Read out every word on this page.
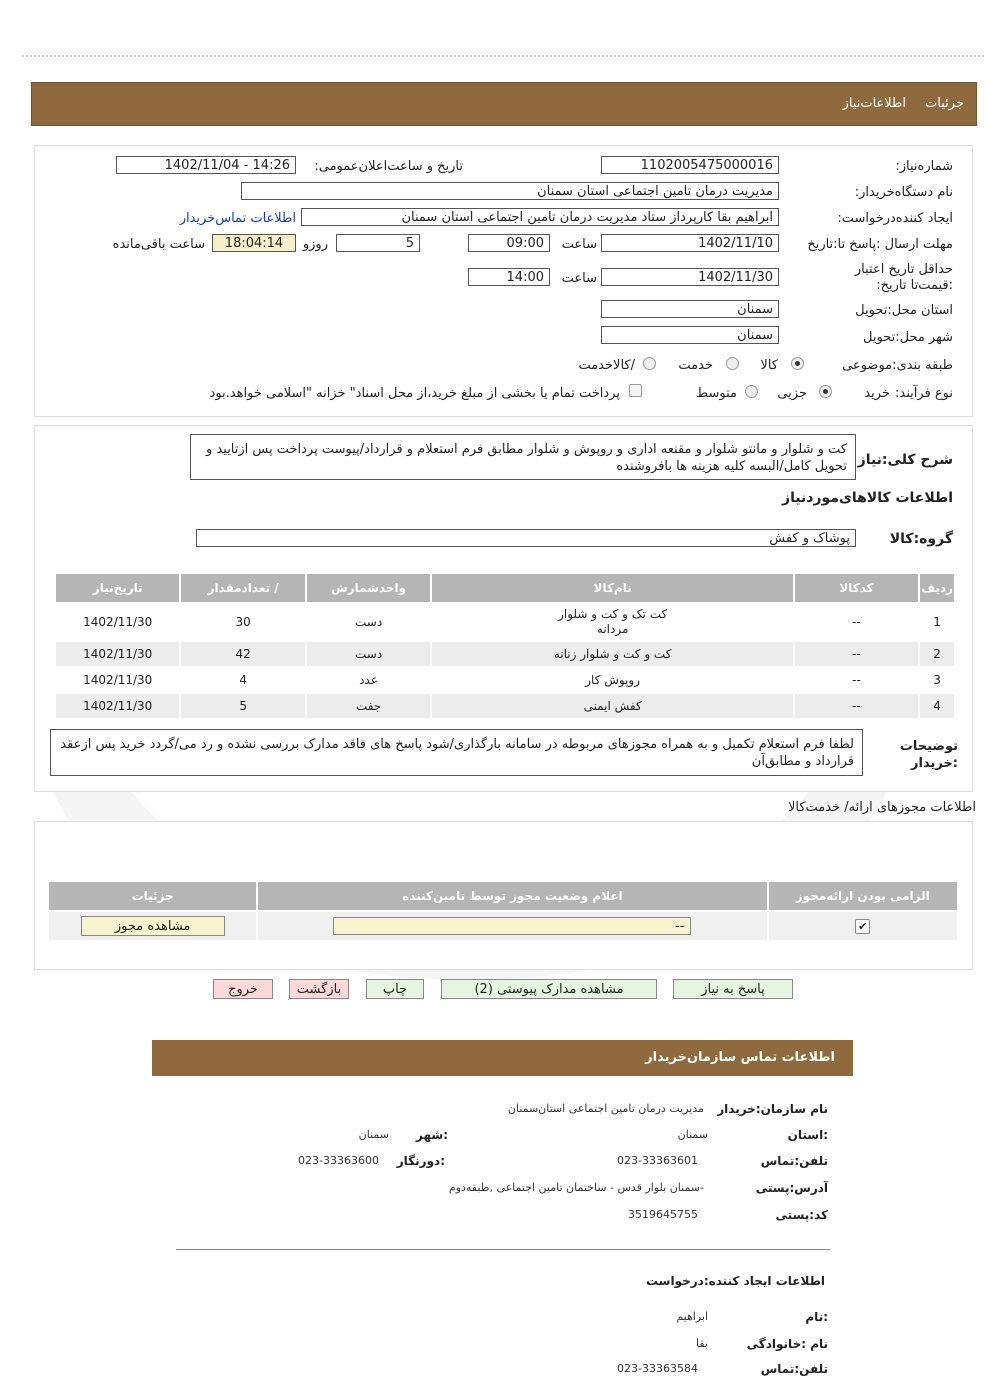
جزئیات
اطلاعات‌نیاز
شماره‌نیاز:
1102005475000016
تاریخ و ساعت‌اعلان‌عمومی:
1402/11/04 - 14:26
نام دستگاه‌خریدار:
مدیریت درمان تامین اجتماعی استان سمنان
ایجاد کننده‌درخواست:
ابراهیم بقا کارپرداز ستاد مدیریت درمان تامین اجتماعی استان سمنان
اطلاعات تماس‌خریدار
مهلت ارسال :پاسخ تا:تاریخ
1402/11/10
ساعت
09:00
5
روزو
18:04:14
ساعت باقی‌مانده
حداقل تاریخ اعتبار :قیمت‌تا تاریخ:
1402/11/30
ساعت
14:00
استان محل:تحویل
سمنان
شهر محل:تحویل
سمنان
طبقه بندی:موضوعی
کالا
خدمت
/کالاخدمت
نوع فرآیند:
خرید
جزیی
متوسط
پرداخت تمام یا بخشی از مبلغ خرید،از محل اسناد" خزانه "اسلامی خواهد.بود
شرح کلی:نیاز
کت و شلوار و مانتو شلوار و مقنعه اداری و روپوش و شلوار مطابق فرم استعلام و قرارداد/پیوست پرداخت پس ازتایید و تحویل کامل/البسه کلیه هزینه ها بافروشنده
اطلاعات کالاهای‌موردنیاز
گروه:کالا
پوشاک و کفش
ردیف	کدکالا	نام‌کالا	واحدشمارش	/ تعدادمقدار	تاریخ‌نیاز
1	--	کت تک و کت و شلوار مردانه	دست	30	1402/11/30
2	--	کت و کت و شلوار زنانه	دست	42	1402/11/30
3	--	روپوش کار	عدد	4	1402/11/30
4	--	کفش ایمنی	جفت	5	1402/11/30
توضیحات :خریدار
لطفا فرم استعلام تکمیل و به همراه مجوزهای مربوطه در سامانه بارگذاری/شود پاسخ های فاقد مدارک بررسی نشده و رد می/گردد خرید پس ازعقد قرارداد و مطابق‌آن
اطلاعات مجوزهای ارائه/ خدمت‌کالا
الزامی بودن ارائه‌مجوز	اعلام وضعیت مجوز توسط تامین‌کننده	جزئیات
✔	--	مشاهده مجوز
پاسخ به نیاز
مشاهده مدارک پیوستی (2)
چاپ
بازگشت
خروج
اطلاعات تماس سازمان‌خریدار
نام سازمان:خریدار
مدیریت درمان تامین اجتماعی استان‌سمنان
:استان
سمنان
:شهر
سمنان
تلفن:تماس
023-33363601
:دورنگار
023-33363600
آدرس:پستی
-سمنان بلوار قدس - ساختمان تامین اجتماعی ,طبقه‌دوم
کد:پستی
3519645755
اطلاعات ایجاد کننده:درخواست
:نام
ابراهیم
نام :خانوادگی
بقا
تلفن:تماس
023-33363584
